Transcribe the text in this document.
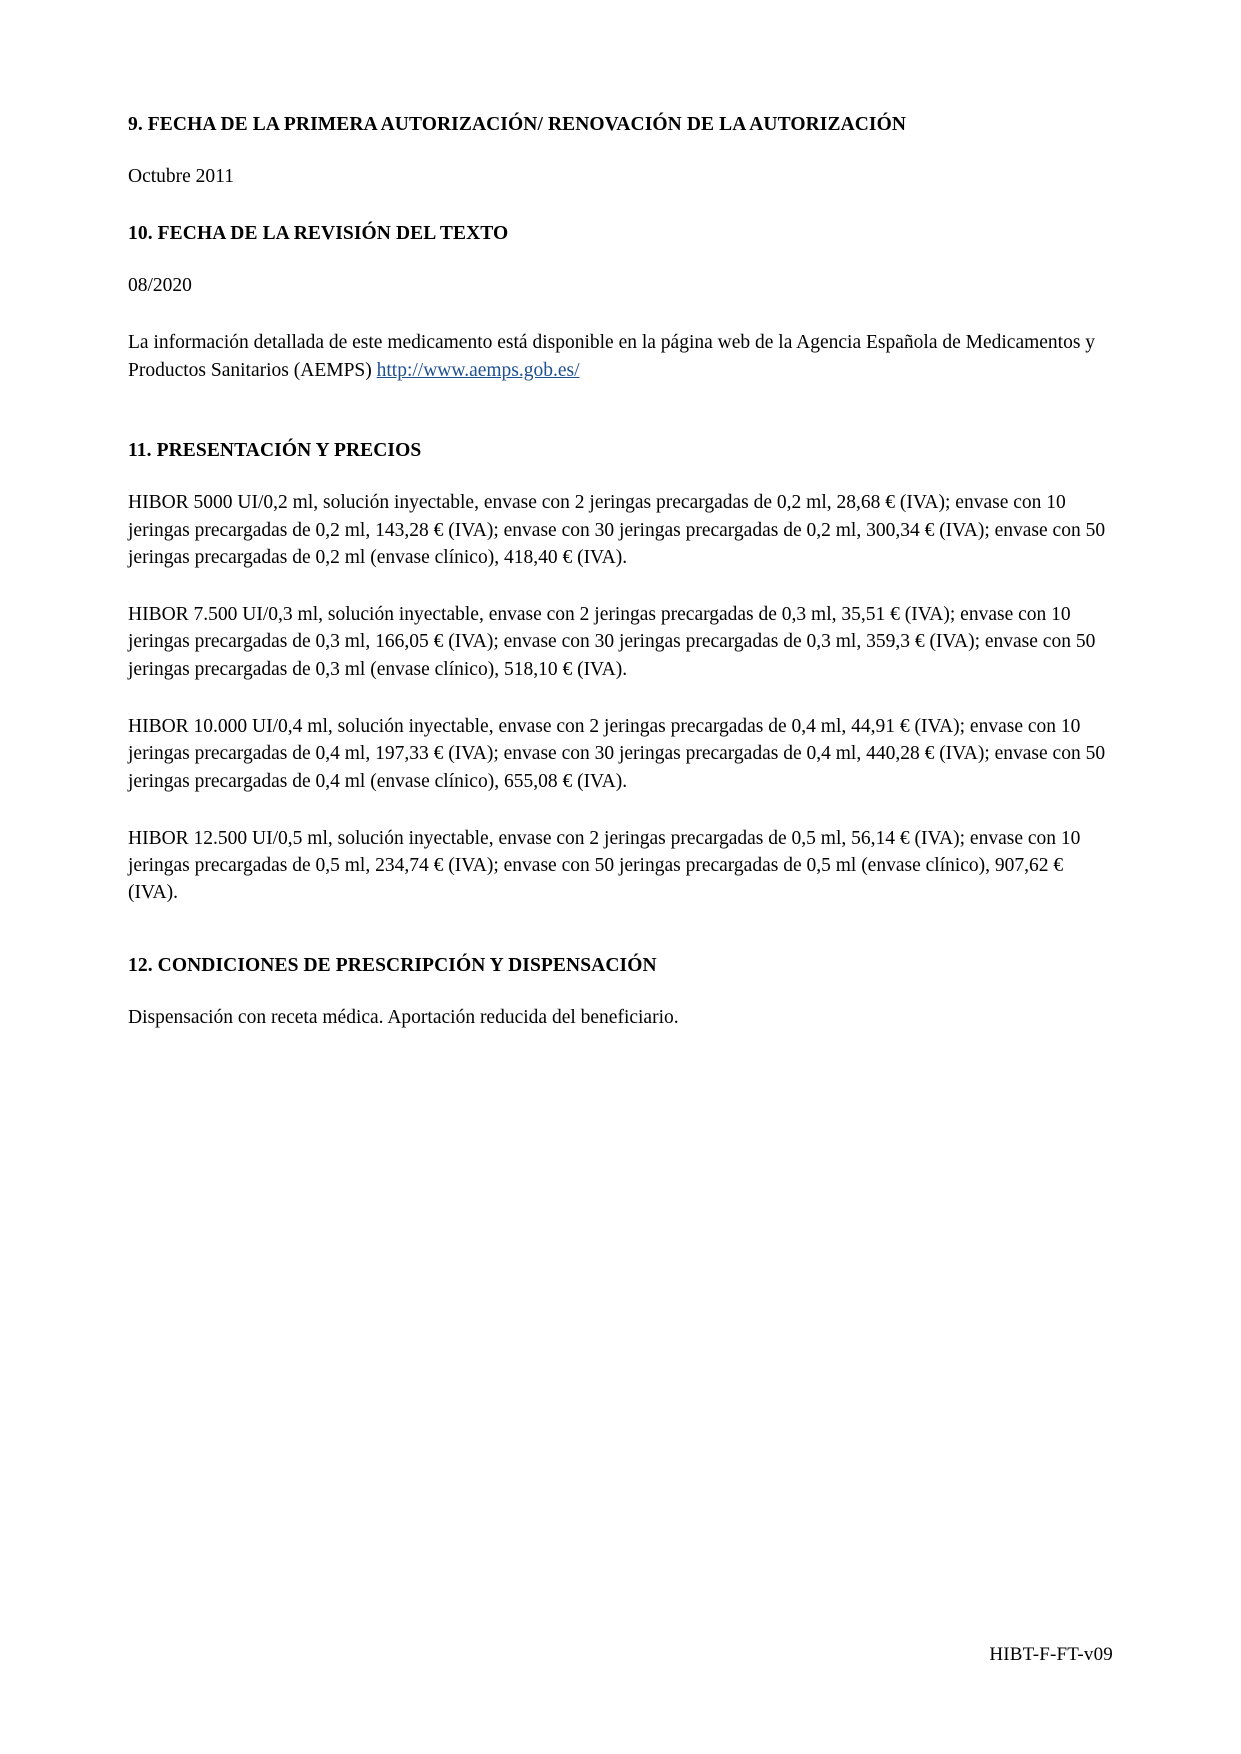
9. FECHA DE LA PRIMERA AUTORIZACIÓN/ RENOVACIÓN DE LA AUTORIZACIÓN

Octubre 2011

10. FECHA DE LA REVISIÓN DEL TEXTO

08/2020

La información detallada de este medicamento está disponible en la página web de la Agencia Española de Medicamentos y Productos Sanitarios (AEMPS) http://www.aemps.gob.es/

11. PRESENTACIÓN Y PRECIOS

HIBOR 5000 UI/0,2 ml, solución inyectable, envase con 2 jeringas precargadas de 0,2 ml, 28,68 € (IVA); envase con 10 jeringas precargadas de 0,2 ml, 143,28 € (IVA); envase con 30 jeringas precargadas de 0,2 ml, 300,34 € (IVA); envase con 50 jeringas precargadas de 0,2 ml (envase clínico), 418,40 € (IVA).

HIBOR 7.500 UI/0,3 ml, solución inyectable, envase con 2 jeringas precargadas de 0,3 ml, 35,51 € (IVA); envase con 10 jeringas precargadas de 0,3 ml, 166,05 € (IVA); envase con 30 jeringas precargadas de 0,3 ml, 359,3 € (IVA); envase con 50 jeringas precargadas de 0,3 ml (envase clínico), 518,10 € (IVA).

HIBOR 10.000 UI/0,4 ml, solución inyectable, envase con 2 jeringas precargadas de 0,4 ml, 44,91 € (IVA); envase con 10 jeringas precargadas de 0,4 ml, 197,33 € (IVA); envase con 30 jeringas precargadas de 0,4 ml, 440,28 € (IVA); envase con 50 jeringas precargadas de 0,4 ml (envase clínico), 655,08 € (IVA).

HIBOR 12.500 UI/0,5 ml, solución inyectable, envase con 2 jeringas precargadas de 0,5 ml, 56,14 € (IVA); envase con 10 jeringas precargadas de 0,5 ml, 234,74 € (IVA); envase con 50 jeringas precargadas de 0,5 ml (envase clínico), 907,62 € (IVA).

12. CONDICIONES DE PRESCRIPCIÓN Y DISPENSACIÓN

Dispensación con receta médica. Aportación reducida del beneficiario.

HIBT-F-FT-v09
